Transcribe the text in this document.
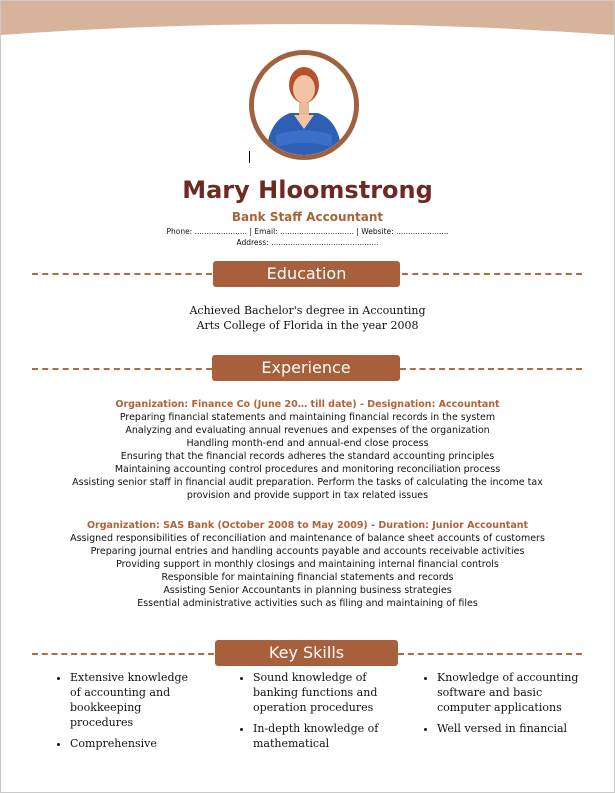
Mary Hloomstrong
Bank Staff Accountant
Phone: ...................... | Email: ............................... | Website: ......................
Address: .............................................
Education
Achieved Bachelor's degree in Accounting
Arts College of Florida in the year 2008
Experience
Organization: Finance Co (June 20… till date) - Designation: Accountant
Preparing financial statements and maintaining financial records in the system
Analyzing and evaluating annual revenues and expenses of the organization
Handling month-end and annual-end close process
Ensuring that the financial records adheres the standard accounting principles
Maintaining accounting control procedures and monitoring reconciliation process
Assisting senior staff in financial audit preparation. Perform the tasks of calculating the income tax provision and provide support in tax related issues
Organization: SAS Bank (October 2008 to May 2009) - Duration: Junior Accountant
Assigned responsibilities of reconciliation and maintenance of balance sheet accounts of customers
Preparing journal entries and handling accounts payable and accounts receivable activities
Providing support in monthly closings and maintaining internal financial controls
Responsible for maintaining financial statements and records
Assisting Senior Accountants in planning business strategies
Essential administrative activities such as filing and maintaining of files
Key Skills
• Extensive knowledge of accounting and bookkeeping procedures
• Comprehensive
• Sound knowledge of banking functions and operation procedures
• In-depth knowledge of mathematical
• Knowledge of accounting software and basic computer applications
• Well versed in financial
